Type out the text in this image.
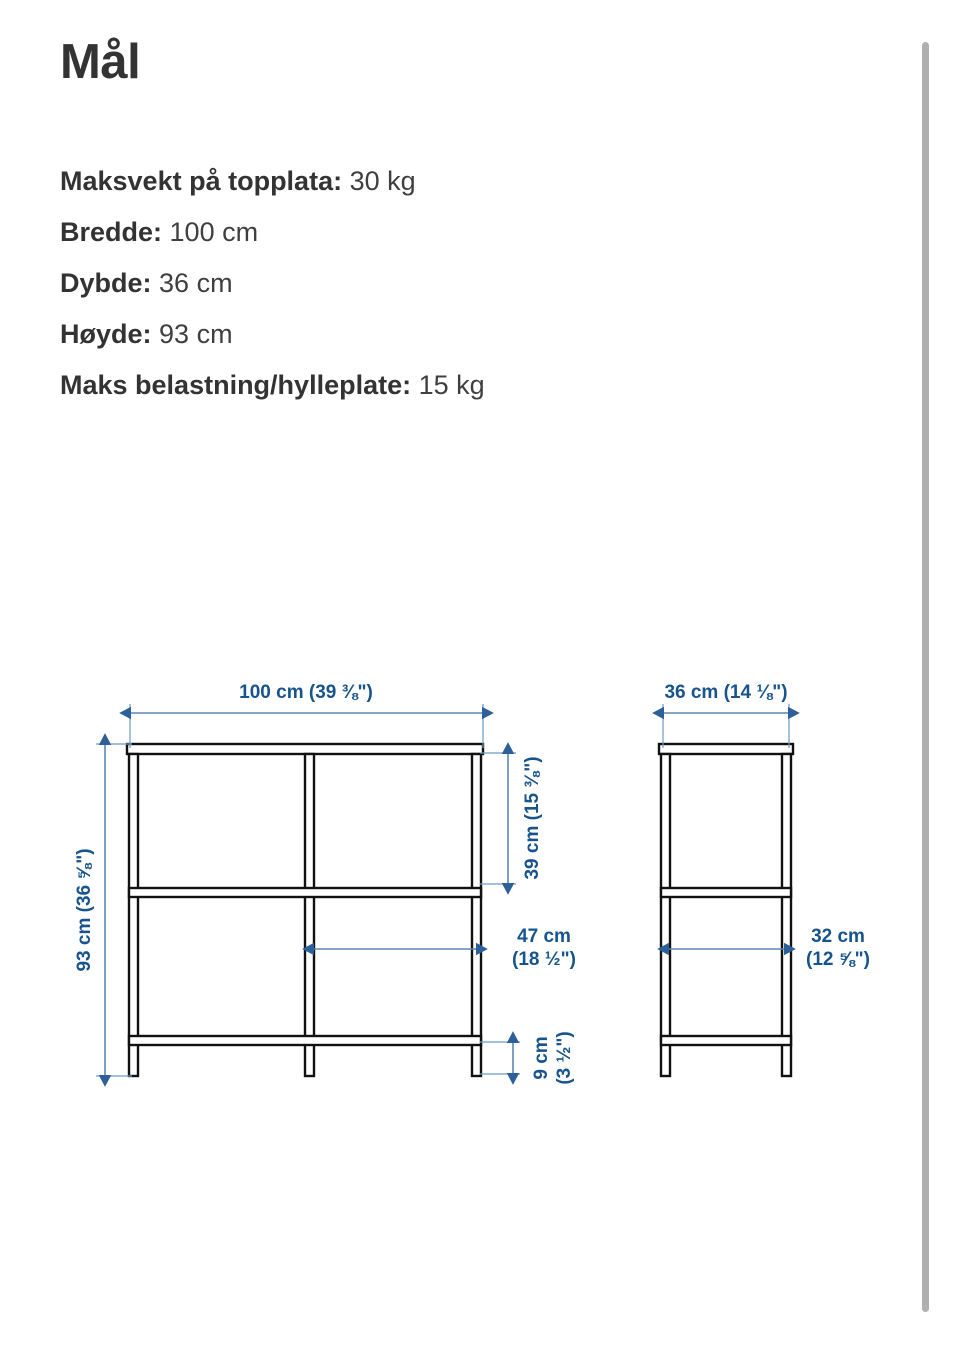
Mål
Maksvekt på topplata: 30 kg
Bredde: 100 cm
Dybde: 36 cm
Høyde: 93 cm
Maks belastning/hylleplate: 15 kg
100 cm (39 ⅜")
93 cm (36 ⅝")
39 cm (15 ⅜")
36 cm (14 ⅛")
47 cm (18 ½")
32 cm (12 ⅝")
9 cm (3 ½")
